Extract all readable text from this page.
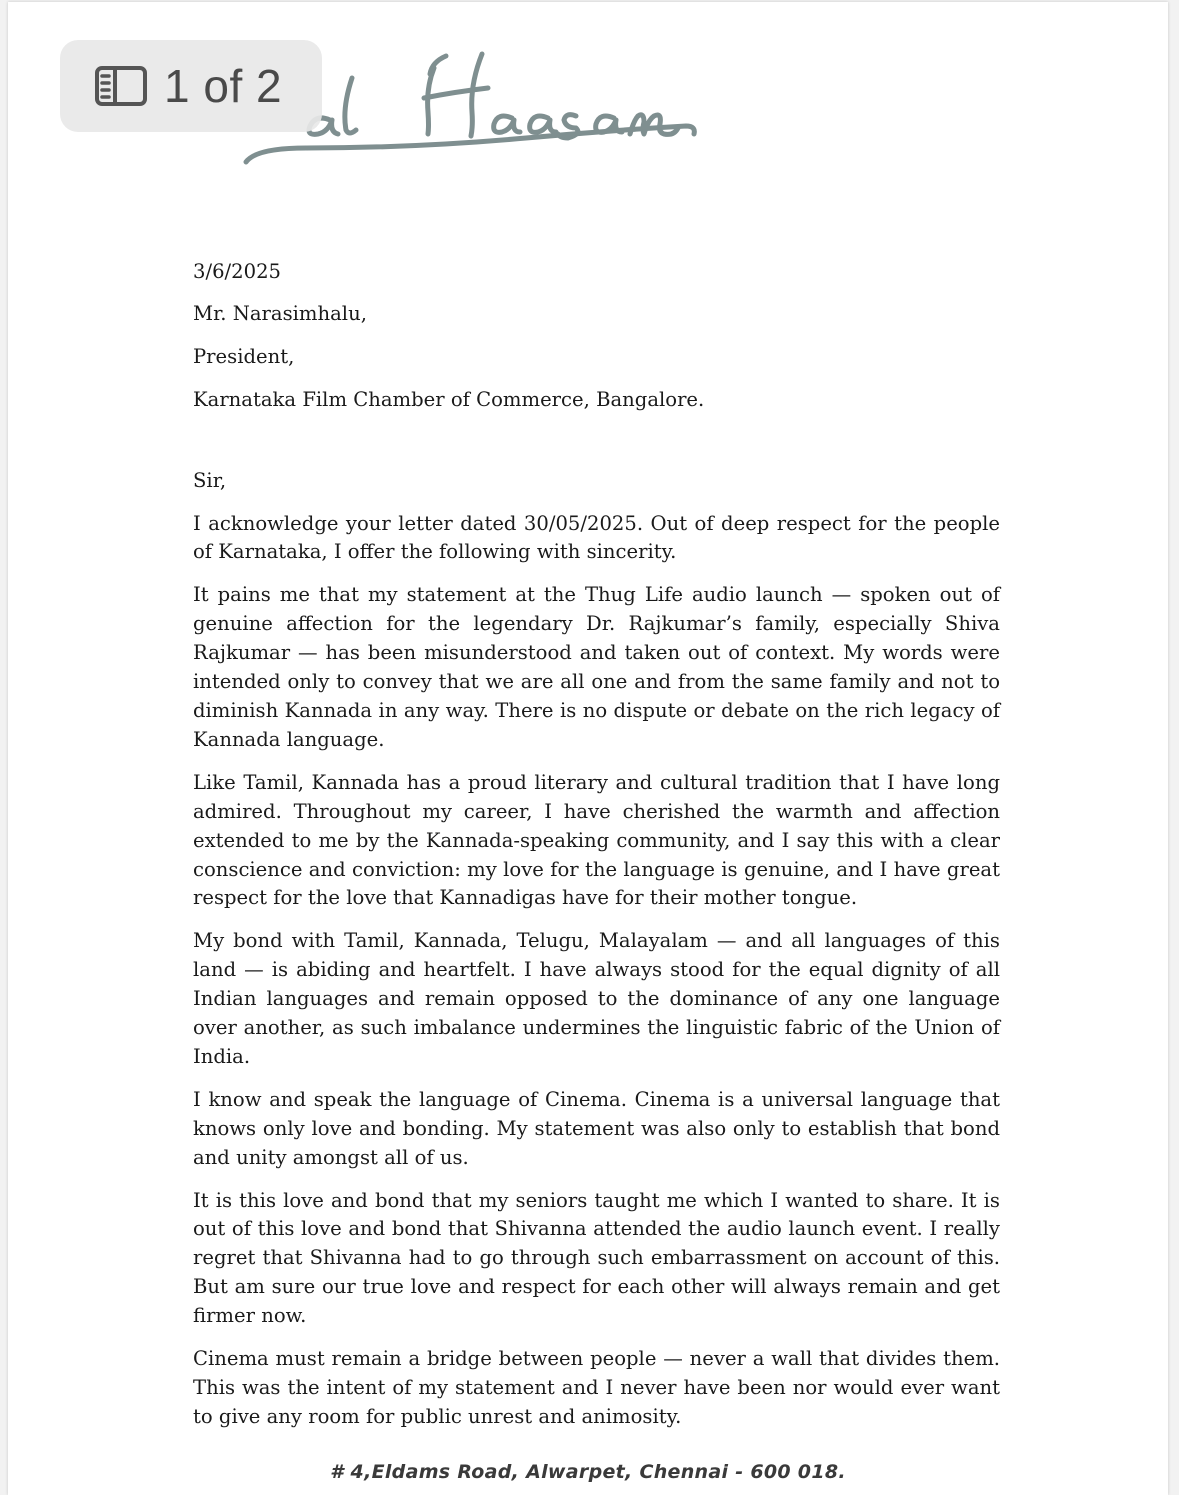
3/6/2025

Mr. Narasimhalu,

President,

Karnataka Film Chamber of Commerce, Bangalore.

Sir,

I acknowledge your letter dated 30/05/2025. Out of deep respect for the people of Karnataka, I offer the following with sincerity.

It pains me that my statement at the Thug Life audio launch — spoken out of genuine affection for the legendary Dr. Rajkumar’s family, especially Shiva Rajkumar — has been misunderstood and taken out of context. My words were intended only to convey that we are all one and from the same family and not to diminish Kannada in any way. There is no dispute or debate on the rich legacy of Kannada language.

Like Tamil, Kannada has a proud literary and cultural tradition that I have long admired. Throughout my career, I have cherished the warmth and affection extended to me by the Kannada-speaking community, and I say this with a clear conscience and conviction: my love for the language is genuine, and I have great respect for the love that Kannadigas have for their mother tongue.

My bond with Tamil, Kannada, Telugu, Malayalam — and all languages of this land — is abiding and heartfelt. I have always stood for the equal dignity of all Indian languages and remain opposed to the dominance of any one language over another, as such imbalance undermines the linguistic fabric of the Union of India.

I know and speak the language of Cinema. Cinema is a universal language that knows only love and bonding. My statement was also only to establish that bond and unity amongst all of us.

It is this love and bond that my seniors taught me which I wanted to share. It is out of this love and bond that Shivanna attended the audio launch event. I really regret that Shivanna had to go through such embarrassment on account of this. But am sure our true love and respect for each other will always remain and get firmer now.

Cinema must remain a bridge between people — never a wall that divides them. This was the intent of my statement and I never have been nor would ever want to give any room for public unrest and animosity.

# 4,Eldams Road, Alwarpet, Chennai - 600 018.
1 of 2
